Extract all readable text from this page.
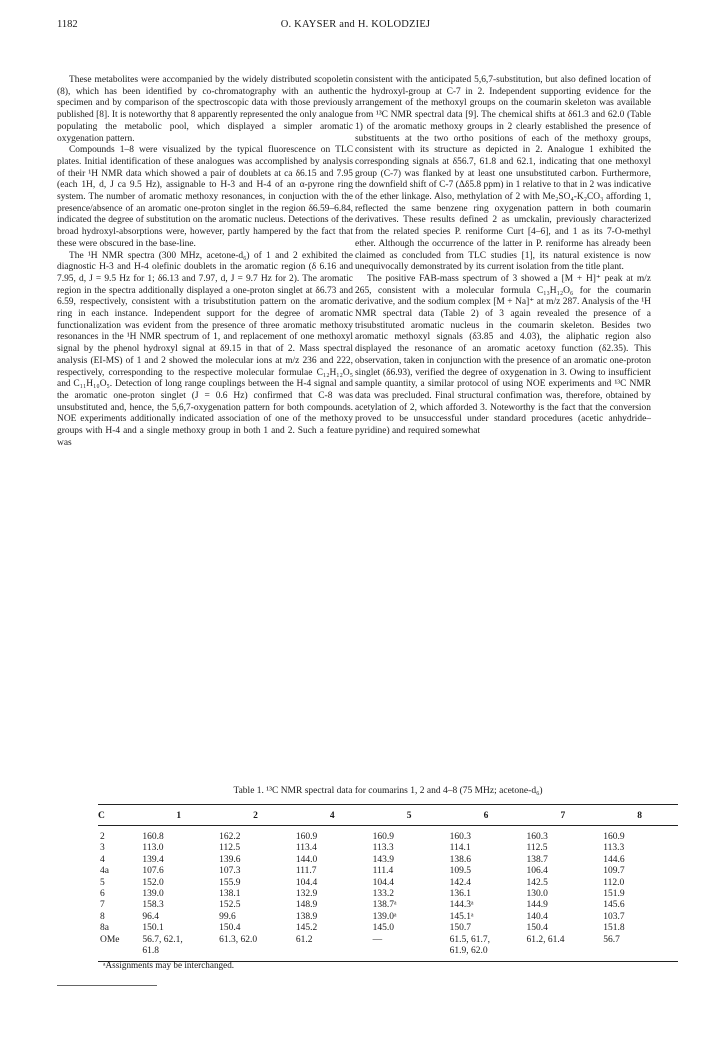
1182	O. KAYSER and H. KOLODZIEJ

These metabolites were accompanied by the widely distributed scopoletin (8), which has been identified by co-chromatography with an authentic specimen and by comparison of the spectroscopic data with those previously published [8]. It is noteworthy that 8 apparently represented the only analogue populating the metabolic pool, which displayed a simpler aromatic oxygenation pattern.

Compounds 1–8 were visualized by the typical fluorescence on TLC plates. Initial identification of these analogues was accomplished by analysis of their ¹H NMR data which showed a pair of doublets at ca δ6.15 and 7.95 (each 1H, d, J ca 9.5 Hz), assignable to H-3 and H-4 of an α-pyrone ring system. The number of aromatic methoxy resonances, in conjuction with the presence/absence of an aromatic one-proton singlet in the region δ6.59–6.84, indicated the degree of substitution on the aromatic nucleus. Detections of the broad hydroxyl-absorptions were, however, partly hampered by the fact that these were obscured in the base-line.

The ¹H NMR spectra (300 MHz, acetone-d₆) of 1 and 2 exhibited the diagnostic H-3 and H-4 olefinic doublets in the aromatic region (δ 6.16 and 7.95, d, J = 9.5 Hz for 1; δ6.13 and 7.97, d, J = 9.7 Hz for 2). The aromatic region in the spectra additionally displayed a one-proton singlet at δ6.73 and 6.59, respectively, consistent with a trisubstitution pattern on the aromatic ring in each instance. Independent support for the degree of aromatic functionalization was evident from the presence of three aromatic methoxy resonances in the ¹H NMR spectrum of 1, and replacement of one methoxyl signal by the phenol hydroxyl signal at δ9.15 in that of 2. Mass spectral analysis (EI-MS) of 1 and 2 showed the molecular ions at m/z 236 and 222, respectively, corresponding to the respective molecular formulae C₁₂H₁₂O₅ and C₁₁H₁₀O₅. Detection of long range couplings between the H-4 signal and the aromatic one-proton singlet (J = 0.6 Hz) confirmed that C-8 was unsubstituted and, hence, the 5,6,7-oxygenation pattern for both compounds. NOE experiments additionally indicated association of one of the methoxy groups with H-4 and a single methoxy group in both 1 and 2. Such a feature was

consistent with the anticipated 5,6,7-substitution, but also defined location of the hydroxyl-group at C-7 in 2. Independent supporting evidence for the arrangement of the methoxyl groups on the coumarin skeleton was available from ¹³C NMR spectral data [9]. The chemical shifts at δ61.3 and 62.0 (Table 1) of the aromatic methoxy groups in 2 clearly established the presence of substituents at the two ortho positions of each of the methoxy groups, consistent with its structure as depicted in 2. Analogue 1 exhibited the corresponding signals at δ56.7, 61.8 and 62.1, indicating that one methoxyl group (C-7) was flanked by at least one unsubstituted carbon. Furthermore, the downfield shift of C-7 (Δδ5.8 ppm) in 1 relative to that in 2 was indicative of the ether linkage. Also, methylation of 2 with Me₂SO₄-K₂CO₃ affording 1, reflected the same benzene ring oxygenation pattern in both coumarin derivatives. These results defined 2 as umckalin, previously characterized from the related species P. reniforme Curt [4–6], and 1 as its 7-O-methyl ether. Although the occurrence of the latter in P. reniforme has already been claimed as concluded from TLC studies [1], its natural existence is now unequivocally demonstrated by its current isolation from the title plant.

The positive FAB-mass spectrum of 3 showed a [M + H]⁺ peak at m/z 265, consistent with a molecular formula C₁₃H₁₂O₆ for the coumarin derivative, and the sodium complex [M + Na]⁺ at m/z 287. Analysis of the ¹H NMR spectral data (Table 2) of 3 again revealed the presence of a trisubstituted aromatic nucleus in the coumarin skeleton. Besides two aromatic methoxyl signals (δ3.85 and 4.03), the aliphatic region also displayed the resonance of an aromatic acetoxy function (δ2.35). This observation, taken in conjunction with the presence of an aromatic one-proton singlet (δ6.93), verified the degree of oxygenation in 3. Owing to insufficient sample quantity, a similar protocol of using NOE experiments and ¹³C NMR data was precluded. Final structural confimation was, therefore, obtained by acetylation of 2, which afforded 3. Noteworthy is the fact that the conversion proved to be unsuccessful under standard procedures (acetic anhydride–pyridine) and required somewhat

Table 1. ¹³C NMR spectral data for coumarins 1, 2 and 4–8 (75 MHz; acetone-d₆)
C	1	2	4	5	6	7	8
2	160.8	162.2	160.9	160.9	160.3	160.3	160.9
3	113.0	112.5	113.4	113.3	114.1	112.5	113.3
4	139.4	139.6	144.0	143.9	138.6	138.7	144.6
4a	107.6	107.3	111.7	111.4	109.5	106.4	109.7
5	152.0	155.9	104.4	104.4	142.4	142.5	112.0
6	139.0	138.1	132.9	133.2	136.1	130.0	151.9
7	158.3	152.5	148.9	138.7ᵃ	144.3ᵃ	144.9	145.6
8	96.4	99.6	138.9	139.0ᵃ	145.1ᵃ	140.4	103.7
8a	150.1	150.4	145.2	145.0	150.7	150.4	151.8
OMe	56.7, 62.1,	61.3, 62.0	61.2	—	61.5, 61.7,	61.2, 61.4	56.7
	61.8				61.9, 62.0		
ᵃAssignments may be interchanged.
